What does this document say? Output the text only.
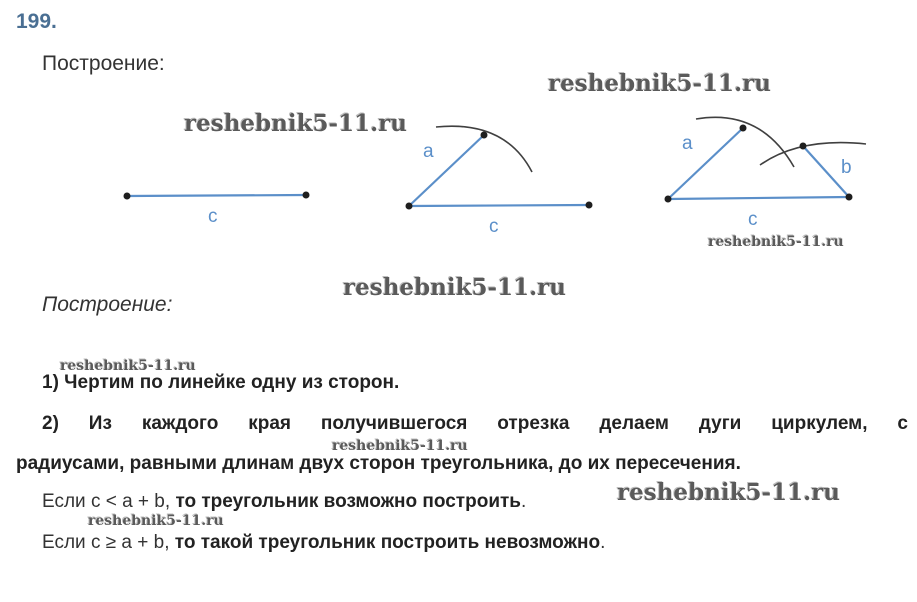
199.
Построение:
c
a
c
a
b
c
Построение:
1) Чертим по линейке одну из сторон.
2) Из каждого края получившегося отрезка делаем дуги циркулем, с
радиусами, равными длинам двух сторон треугольника, до их пересечения.
Если c < a + b, то треугольник возможно построить.
Если c ≥ a + b, то такой треугольник построить невозможно.
reshebnik5-11.ru
reshebnik5-11.ru
reshebnik5-11.ru
reshebnik5-11.ru
reshebnik5-11.ru
reshebnik5-11.ru
reshebnik5-11.ru
reshebnik5-11.ru
